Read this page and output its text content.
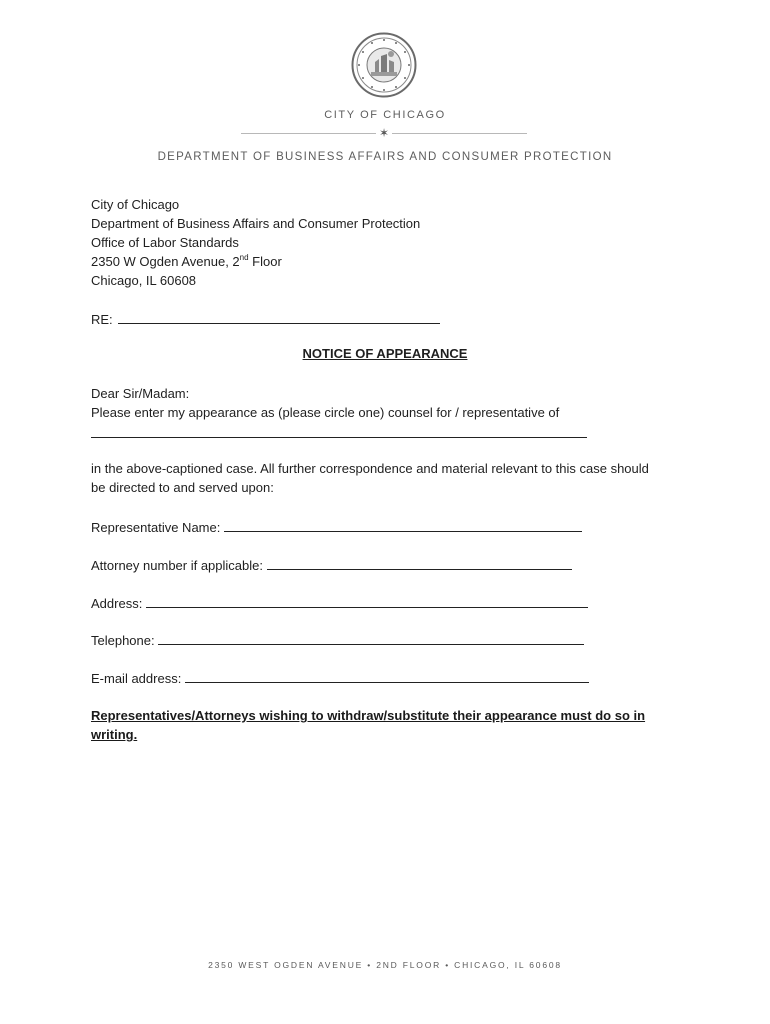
CITY OF CHICAGO
✶
DEPARTMENT OF BUSINESS AFFAIRS AND CONSUMER PROTECTION
City of Chicago
Department of Business Affairs and Consumer Protection
Office of Labor Standards
2350 W Ogden Avenue, 2nd Floor
Chicago, IL 60608
RE:
NOTICE OF APPEARANCE
Dear Sir/Madam:
Please enter my appearance as (please circle one) counsel for / representative of
in the above-captioned case. All further correspondence and material relevant to this case should be directed to and served upon:
Representative Name:
Attorney number if applicable:
Address:
Telephone:
E-mail address:
Representatives/Attorneys wishing to withdraw/substitute their appearance must do so in writing.
2350 WEST OGDEN AVENUE • 2ND FLOOR • CHICAGO, IL 60608
